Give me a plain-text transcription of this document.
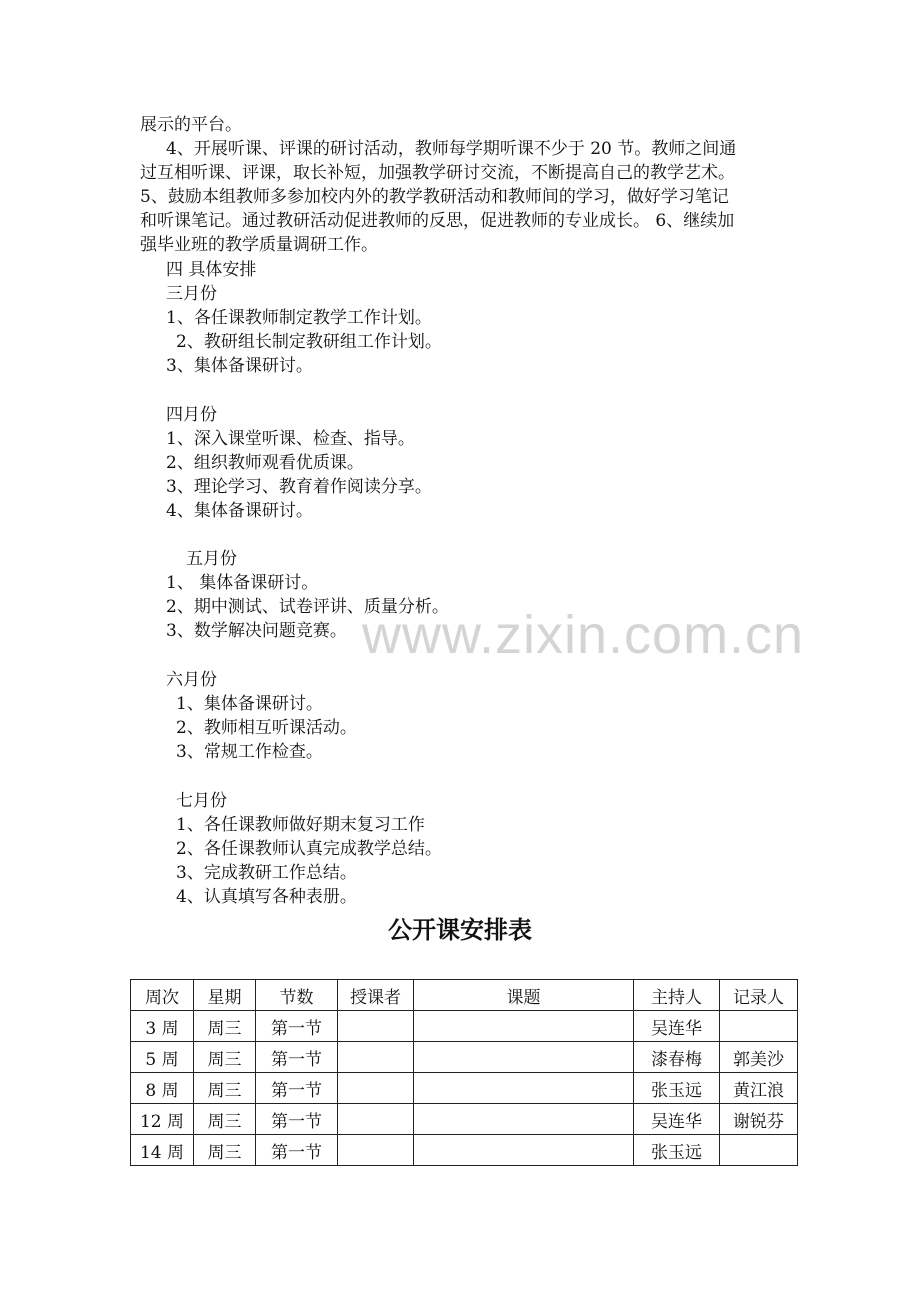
展示的平台。
4、开展听课、评课的研讨活动，教师每学期听课不少于 20 节。教师之间通
过互相听课、评课，取长补短，加强教学研讨交流，不断提高自己的教学艺术。
5、鼓励本组教师多参加校内外的教学教研活动和教师间的学习，做好学习笔记
和听课笔记。通过教研活动促进教师的反思，促进教师的专业成长。 6、继续加
强毕业班的教学质量调研工作。
四 具体安排
三月份
1、各任课教师制定教学工作计划。
2、教研组长制定教研组工作计划。
3、集体备课研讨。
四月份
1、深入课堂听课、检查、指导。
2、组织教师观看优质课。
3、理论学习、教育着作阅读分享。
4、集体备课研讨。
五月份
1、 集体备课研讨。
2、期中测试、试卷评讲、质量分析。
3、数学解决问题竞赛。 www.zixin.com.cn
六月份
1、集体备课研讨。
2、教师相互听课活动。
3、常规工作检查。
七月份
1、各任课教师做好期末复习工作
2、各任课教师认真完成教学总结。
3、完成教研工作总结。
4、认真填写各种表册。
公开课安排表
周次	星期	节数	授课者	课题	主持人	记录人
3 周	周三	第一节			吴连华	
5 周	周三	第一节			漆春梅	郭美沙
8 周	周三	第一节			张玉远	黄江浪
12 周	周三	第一节			吴连华	谢锐芬
14 周	周三	第一节			张玉远	
